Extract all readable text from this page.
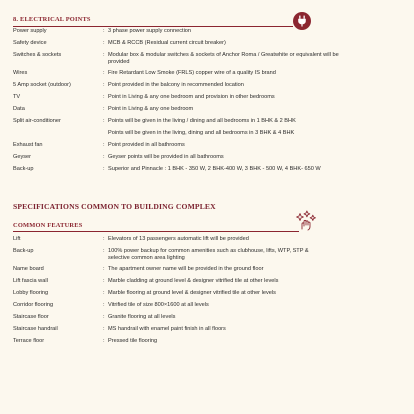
8. ELECTRICAL POINTS
Power supply	: 3 phase power supply connection
Safety device	: MCB & RCCB (Residual current circuit breaker)
Switches & sockets	: Modular box & modular switches & sockets of Anchor Roma / Greatwhite or equivalent will be provided
Wires	: Fire Retardant Low Smoke (FRLS) copper wire of a quality IS brand
5 Amp socket (outdoor)	: Point provided in the balcony in recommended location
TV	: Point in Living & any one bedroom and provision in other bedrooms
Data	: Point in Living & any one bedroom
Split air-conditioner	: Points will be given in the living / dining and all bedrooms in 1 BHK & 2 BHK
Points will be given in the living, dining and all bedrooms in 3 BHK & 4 BHK
Exhaust fan	: Point provided in all bathrooms
Geyser	: Geyser points will be provided in all bathrooms
Back-up	: Superior and Pinnacle : 1 BHK - 350 W, 2 BHK-400 W, 3 BHK - 500 W, 4 BHK- 650 W
SPECIFICATIONS COMMON TO BUILDING COMPLEX
COMMON FEATURES
Lift	: Elevators of 13 passengers automatic lift will be provided
Back-up	: 100% power backup for common amenities such as clubhouse, lifts, WTP, STP & selective common area lighting
Name board	: The apartment owner name will be provided in the ground floor
Lift fascia wall	: Marble cladding at ground level & designer vitrified tile at other levels
Lobby flooring	: Marble flooring at ground level & designer vitrified tile at other levels
Corridor flooring	: Vitrified tile of size 800×1600 at all levels
Staircase floor	: Granite flooring at all levels
Staircase handrail	: MS handrail with enamel paint finish in all floors
Terrace floor	: Pressed tile flooring
